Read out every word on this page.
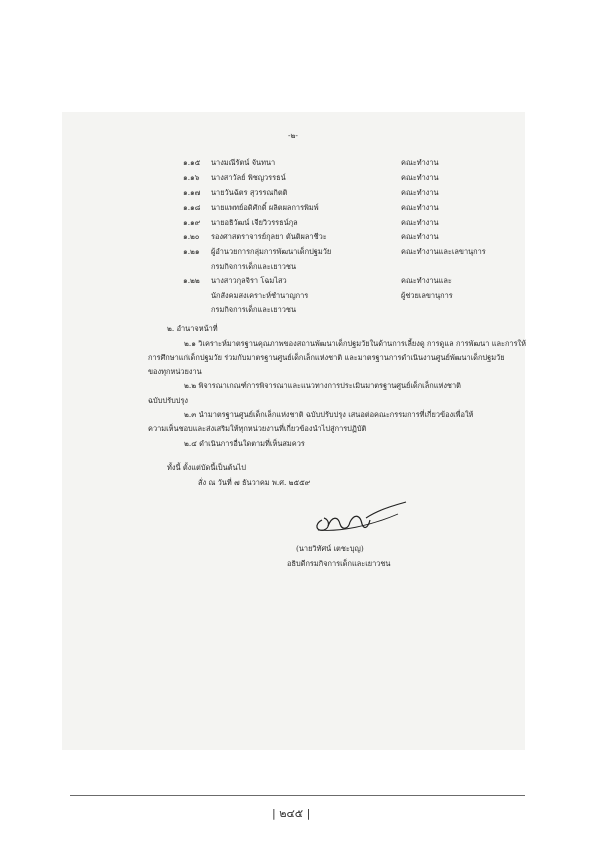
-๒-
๑.๑๕ นางมณีรัตน์ จันทนา	คณะทำงาน
๑.๑๖ นางสาวัลย์ พิชญวรรธน์	คณะทำงาน
๑.๑๗ นายวันฉัตร สุวรรณกิตติ	คณะทำงาน
๑.๑๘ นายแพทย์อดิศักดิ์ ผลิตผลการพิมพ์	คณะทำงาน
๑.๑๙ นายอธิวัฒน์ เจียวิวรรธน์กุล	คณะทำงาน
๑.๒๐ รองศาสตราจารย์กุลยา ตันติผลาชีวะ	คณะทำงาน
๑.๒๑ ผู้อำนวยการกลุ่มการพัฒนาเด็กปฐมวัย	คณะทำงานและเลขานุการ
กรมกิจการเด็กและเยาวชน
๑.๒๒ นางสาวกุลจิรา โฉมไสว	คณะทำงานและ
นักสังคมสงเคราะห์ชำนาญการ	ผู้ช่วยเลขานุการ
กรมกิจการเด็กและเยาวชน
๒. อำนาจหน้าที่
๒.๑ วิเคราะห์มาตรฐานคุณภาพของสถานพัฒนาเด็กปฐมวัยในด้านการเลี้ยงดู การดูแล การพัฒนา และการให้
การศึกษาแก่เด็กปฐมวัย ร่วมกับมาตรฐานศูนย์เด็กเล็กแห่งชาติ และมาตรฐานการดำเนินงานศูนย์พัฒนาเด็กปฐมวัย
ของทุกหน่วยงาน
๒.๒ พิจารณาเกณฑ์การพิจารณาและแนวทางการประเมินมาตรฐานศูนย์เด็กเล็กแห่งชาติ
ฉบับปรับปรุง
๒.๓ นำมาตรฐานศูนย์เด็กเล็กแห่งชาติ ฉบับปรับปรุง เสนอต่อคณะกรรมการที่เกี่ยวข้องเพื่อให้
ความเห็นชอบและส่งเสริมให้ทุกหน่วยงานที่เกี่ยวข้องนำไปสู่การปฏิบัติ
๒.๔ ดำเนินการอื่นใดตามที่เห็นสมควร
ทั้งนี้ ตั้งแต่บัดนี้เป็นต้นไป
สั่ง ณ วันที่ ๗ ธันวาคม พ.ศ. ๒๕๕๙
(นายวิทัศน์ เตชะบุญ)
อธิบดีกรมกิจการเด็กและเยาวชน
| ๒๔๕ |
